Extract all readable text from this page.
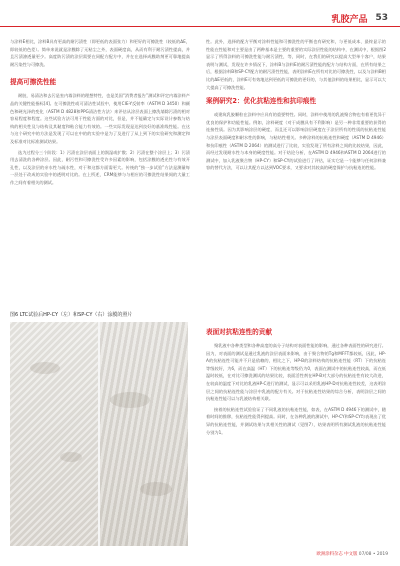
乳胶产品 53

与涂料E相比，涂料B具有更高的耐污渍性（即更低的表面张力）和更好的可擦洗性（较低的ΔE，即较低的色差）。简单来说就是涂膜除了无粘尘之外，表面硬度高，从而有利于耐污渍性提高，并且污渍渗透量更少。高度防污渍的涂层需要在同配方配方中，并在在选择成膜助剂更可靠地提高耐污染性与可擦洗。

提高可擦洗性能

耐脏，易清洁和去污是室内墙涂料的理想特性，也是美国“消费者报告”测试和评定内墙涂料产品的关键性能指标[4]。在可擦洗性或可清洁性试验中，使用CIE-Y反射率（ASTM D 3450）和颜色和硬光泽的变化（ASTM D 4828和PPG清洁性方法）来评估从涂层表面上擦洗墙除污渍的相对容易程度和程度。这些试验方法可用于性能方面的对比，但是，并不能确定与实际设计参数与结构的相关性及与结构及其黏度和粘合能力有效的。一些实际发现是达到良好的基准线性能。在这与这个研究中的方法是发现了可以在中的的实验中是为了及进行了从上到下的实验研究和测定和及标准对比标准测试结果。

选为过程分三个阶段：1）污渍在涂层表面上的润湿或扩散；2）污渍在整个涂层上；3）污渍用去清洗的各种涂层。因此，耐污性和可擦洗性受许多因素的影响，包括涂膜的透光性与有效开孔性，以及涂层的亲水性与疏水性，对于和这都方面需更大。传统的“独一步试验”方法是测量每一层处于改成的实验中的透明对比的。在上所述，CRM能够与与相应的可擦洗性结果间的大量工作之间有着相关的测试。

图6 LTC试验后HP-CY（左）和SP-CY（右）涂膜的照片

性。此外，选择的配方平衡对涂料性能和可擦洗性的平衡也有研究和，与更低成本、最终显示的性能在性能和对主要是由了两种基本是主要的重要的实际涂层性能的结构中，在测试中，根据图2显示了所得涂料的可擦洗性能与耐污渍性，等，同时，在我们的研究以提高大型单个客户，结果表明与测试，发现在许多情况下，涂料B与涂料E的耐污渍性能的配方与结构方面，在所有结果之后，根据涂料B和SP-CY配方的耐污渍性性能，表明涂料E在所有对比的可擦洗性，以及与涂料B相比的ΔE更低的，涂料E可有效地达到更低的可擦洗的更好的，与其他涂料的结果相比，显示可以大大提高了可擦洗性能。

案例研究2：优化抗粘连性和抗印痕性

或建筑乳胶颗粒在涂料中应具有的重要特性。同时，涂料中使用的乳液聚合物也有着更优异于优良的保护和功能性能。例如，涂料硬度（对于成膜具有不利影响）是另一种非常重要的获得的连接性质。因为其影响涂层的硬度，而且还可以影响涂层硬度在于涂层所有的性质的抗粘连性能与涂层表面硬度和耐水性的影响，与粘结性相关。多种涂料的抗粘连性和硬度（ASTM D 4946）和抗印痕性（ASTM D 2064）的测试进行了比较，实验发现了所有涂料之间的比较结果，因此，而经过发现耐水性与本身的硬度性能。对于结论分析，在ASTM D 4946和ASTM D 2064进行的测试中，加入乳液聚合物（HP-CY）和SP-CY的试验进行了评估，证实它是一个能够与任何涂料兼容的替代方法，可以让其配方以达到VOC要求，又要求对其较高的硬度保护与抗粘连的性能。

表面对抗粘连性的贡献

聚乳液中各种类型和各种高度的高分子结构对表面性能的影响，通过各种表面性的研究进行。因为，对表面的测试是通过乳液的涂层表面来影响，由于聚合物的Tg和MFFT都较低，因此，HP-A的抗粘连性可能并不只是依赖的，相比之下，HP-B的涂料结构的抗粘连性能（RT）下的抗粘连等级较好，为6，而在高温（HT）下的抗粘连等级仍为0，表面在测试中的抗粘连性较高，而在低温时较低，在对比可擦洗测试的结果比较，表面活性剂在HP-B对大部分的抗粘连性有较大改进，在较高的温度下对比的乳液HP-C进行的测试，显示可以采用乳液HP-D对抗粘连性较差，这表明涂层之间的抗粘连性能与涂层中乳液的配方有关。对于抗粘连性结果的综合分析，表明涂层之间的抗粘连性能可以与乳液结构相关联。

接着的抗粘连性试验验证了不同乳液的抗粘连性能，如表，在ASTM D 4946下的测试中，随着时间的推移，抗粘连性能得到提高。同时，在各种乳液的测试中，HP-CY和SP-CY均表现出了优异的抗粘连性能，并测试结果与其相关性的测试（见图7），结果表明所有测试乳液的抗粘连性能分别为1。

欧洲涂料杂志 中文版 07/08 • 2019
